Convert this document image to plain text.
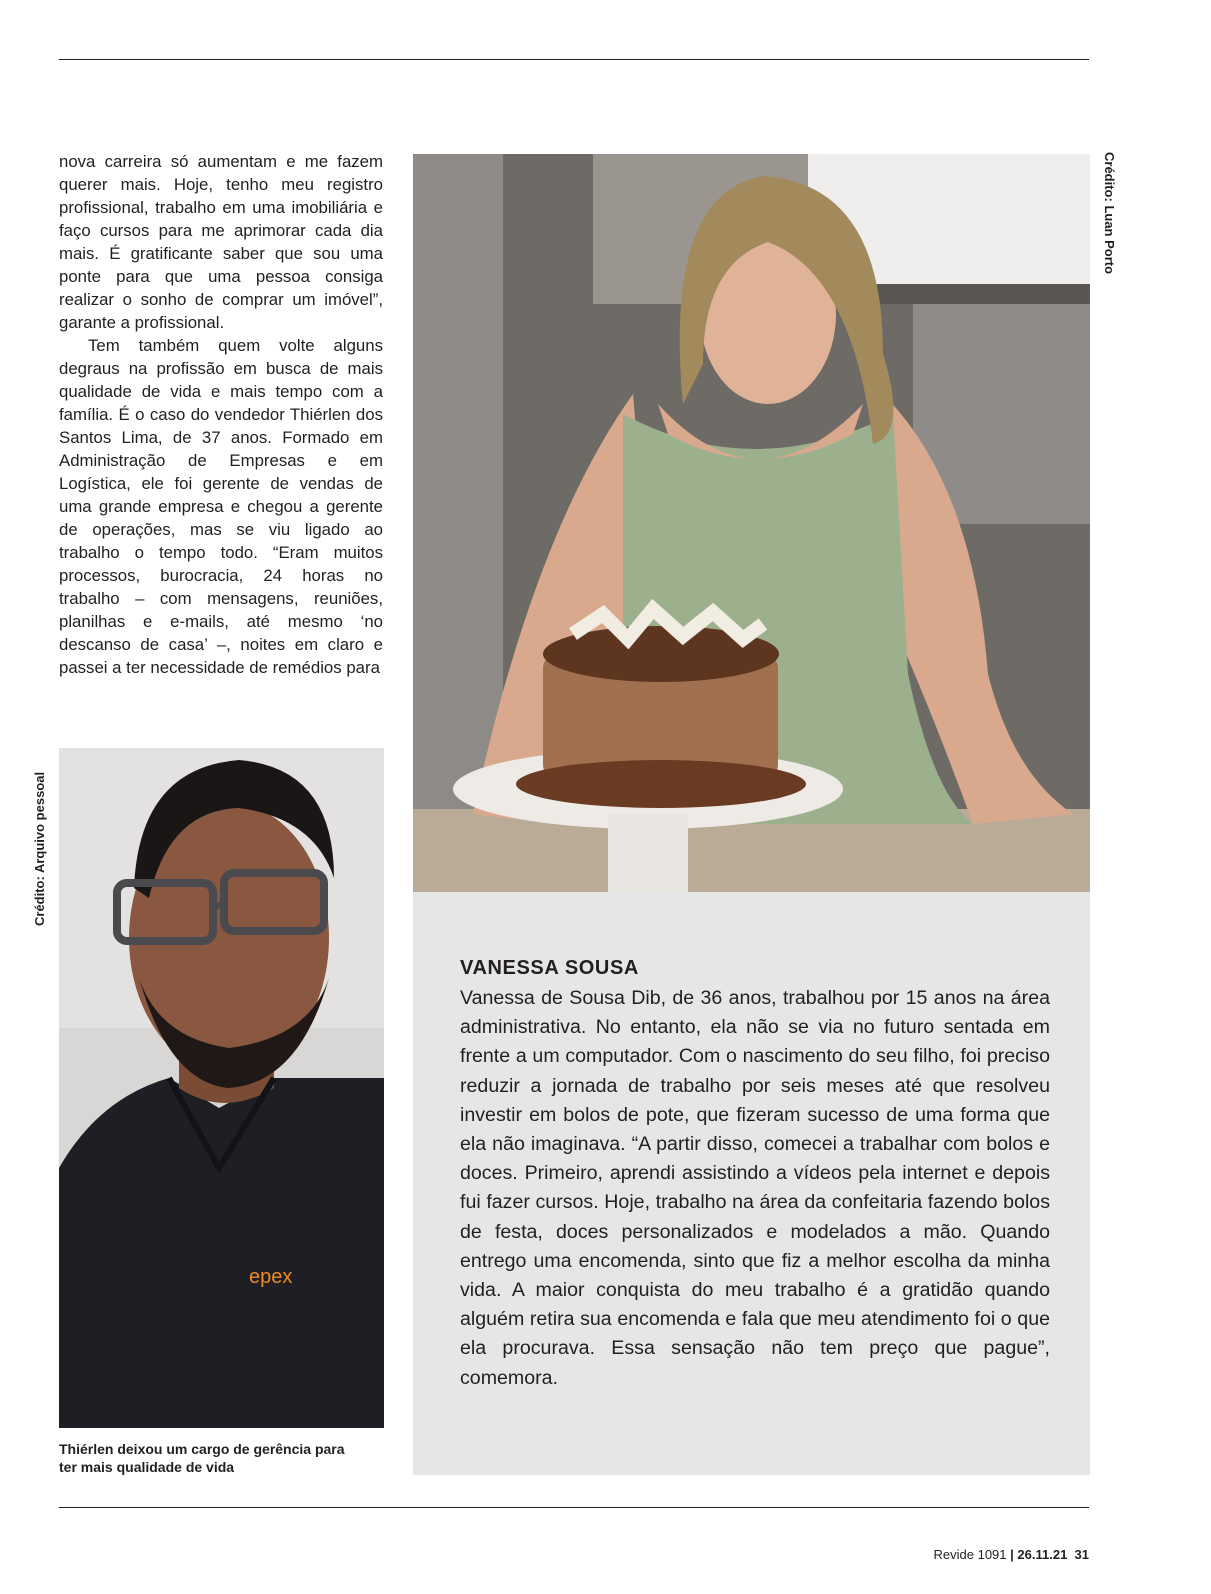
nova carreira só aumentam e me fazem querer mais. Hoje, tenho meu registro profissional, trabalho em uma imobiliária e faço cursos para me aprimorar cada dia mais. É gratificante saber que sou uma ponte para que uma pessoa consiga realizar o sonho de comprar um imóvel”, garante a profissional.

Tem também quem volte alguns degraus na profissão em busca de mais qualidade de vida e mais tempo com a família. É o caso do vendedor Thiérlen dos Santos Lima, de 37 anos. Formado em Administração de Empresas e em Logística, ele foi gerente de vendas de uma grande empresa e chegou a gerente de operações, mas se viu ligado ao trabalho o tempo todo. “Eram muitos processos, burocracia, 24 horas no trabalho – com mensagens, reuniões, planilhas e e-mails, até mesmo ‘no descanso de casa’ –, noites em claro e passei a ter necessidade de remédios para

Crédito: Arquivo pessoal
Crédito: Luan Porto
epex
Thiérlen deixou um cargo de gerência para ter mais qualidade de vida
VANESSA SOUSA

Vanessa de Sousa Dib, de 36 anos, trabalhou por 15 anos na área administrativa. No entanto, ela não se via no futuro sentada em frente a um computador. Com o nascimento do seu filho, foi preciso reduzir a jornada de trabalho por seis meses até que resolveu investir em bolos de pote, que fizeram sucesso de uma forma que ela não imaginava. “A partir disso, comecei a trabalhar com bolos e doces. Primeiro, aprendi assistindo a vídeos pela internet e depois fui fazer cursos. Hoje, trabalho na área da confeitaria fazendo bolos de festa, doces personalizados e modelados a mão. Quando entrego uma encomenda, sinto que fiz a melhor escolha da minha vida. A maior conquista do meu trabalho é a gratidão quando alguém retira sua encomenda e fala que meu atendimento foi o que ela procurava. Essa sensação não tem preço que pague”, comemora.

Revide 1091 | 26.11.21 31
